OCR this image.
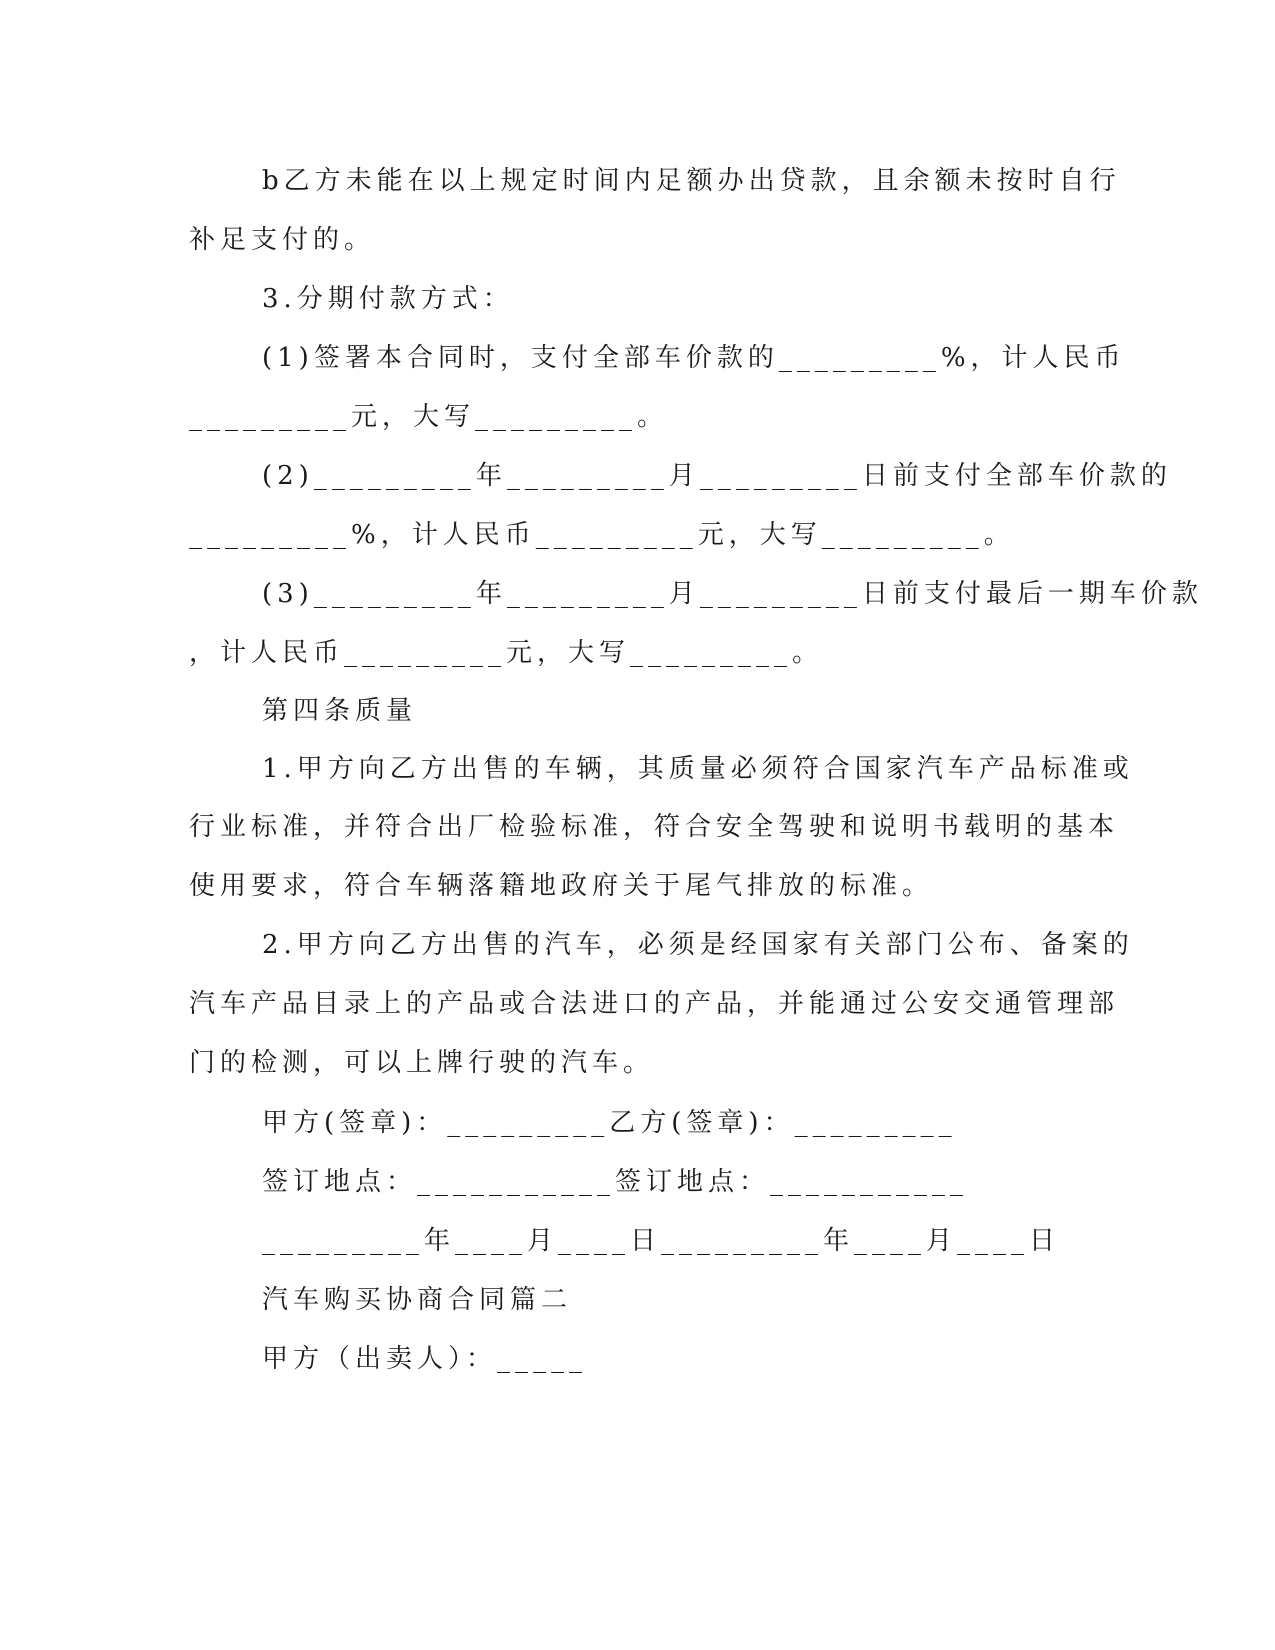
b乙方未能在以上规定时间内足额办出贷款，且余额未按时自行
补足支付的。
3.分期付款方式：
(1)签署本合同时，支付全部车价款的_________%，计人民币
_________元，大写_________。
(2)_________年_________月_________日前支付全部车价款的
_________%，计人民币_________元，大写_________。
(3)_________年_________月_________日前支付最后一期车价款
，计人民币_________元，大写_________。
第四条质量
1.甲方向乙方出售的车辆，其质量必须符合国家汽车产品标准或
行业标准，并符合出厂检验标准，符合安全驾驶和说明书载明的基本
使用要求，符合车辆落籍地政府关于尾气排放的标准。
2.甲方向乙方出售的汽车，必须是经国家有关部门公布、备案的
汽车产品目录上的产品或合法进口的产品，并能通过公安交通管理部
门的检测，可以上牌行驶的汽车。
甲方(签章)：_________乙方(签章)：_________
签订地点：___________签订地点：___________
_________年____月____日_________年____月____日
汽车购买协商合同篇二
甲方（出卖人）：_____
